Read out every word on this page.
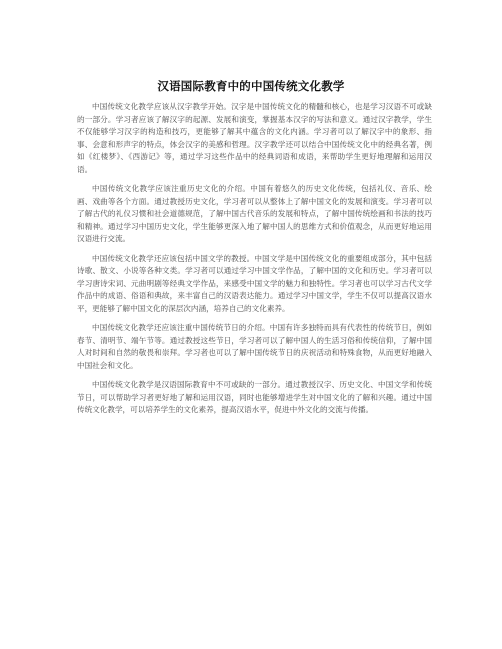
汉语国际教育中的中国传统文化教学

中国传统文化教学应该从汉字教学开始。汉字是中国传统文化的精髓和核心，也是学习汉语不可或缺的一部分。学习者应该了解汉字的起源、发展和演变，掌握基本汉字的写法和意义。通过汉字教学，学生不仅能够学习汉字的构造和技巧，更能够了解其中蕴含的文化内涵。学习者可以了解汉字中的象形、指事、会意和形声字的特点，体会汉字的美感和哲理。汉字教学还可以结合中国传统文化中的经典名著，例如《红楼梦》、《西游记》等，通过学习这些作品中的经典词语和成语，来帮助学生更好地理解和运用汉语。

中国传统文化教学应该注重历史文化的介绍。中国有着悠久的历史文化传统，包括礼仪、音乐、绘画、戏曲等各个方面。通过教授历史文化，学习者可以从整体上了解中国文化的发展和演变。学习者可以了解古代的礼仪习惯和社会道德规范，了解中国古代音乐的发展和特点，了解中国传统绘画和书法的技巧和精神。通过学习中国历史文化，学生能够更深入地了解中国人的思维方式和价值观念，从而更好地运用汉语进行交流。

中国传统文化教学还应该包括中国文学的教授。中国文学是中国传统文化的重要组成部分，其中包括诗歌、散文、小说等各种文类。学习者可以通过学习中国文学作品，了解中国的文化和历史。学习者可以学习唐诗宋词、元曲明剧等经典文学作品，来感受中国文学的魅力和独特性。学习者也可以学习古代文学作品中的成语、俗语和典故，来丰富自己的汉语表达能力。通过学习中国文学，学生不仅可以提高汉语水平，更能够了解中国文化的深层次内涵，培养自己的文化素养。

中国传统文化教学还应该注重中国传统节日的介绍。中国有许多独特而具有代表性的传统节日，例如春节、清明节、端午节等。通过教授这些节日，学习者可以了解中国人的生活习俗和传统信仰，了解中国人对时间和自然的敬畏和崇拜。学习者也可以了解中国传统节日的庆祝活动和特殊食物，从而更好地融入中国社会和文化。

中国传统文化教学是汉语国际教育中不可或缺的一部分。通过教授汉字、历史文化、中国文学和传统节日，可以帮助学习者更好地了解和运用汉语，同时也能够增进学生对中国文化的了解和兴趣。通过中国传统文化教学，可以培养学生的文化素养，提高汉语水平，促进中外文化的交流与传播。
